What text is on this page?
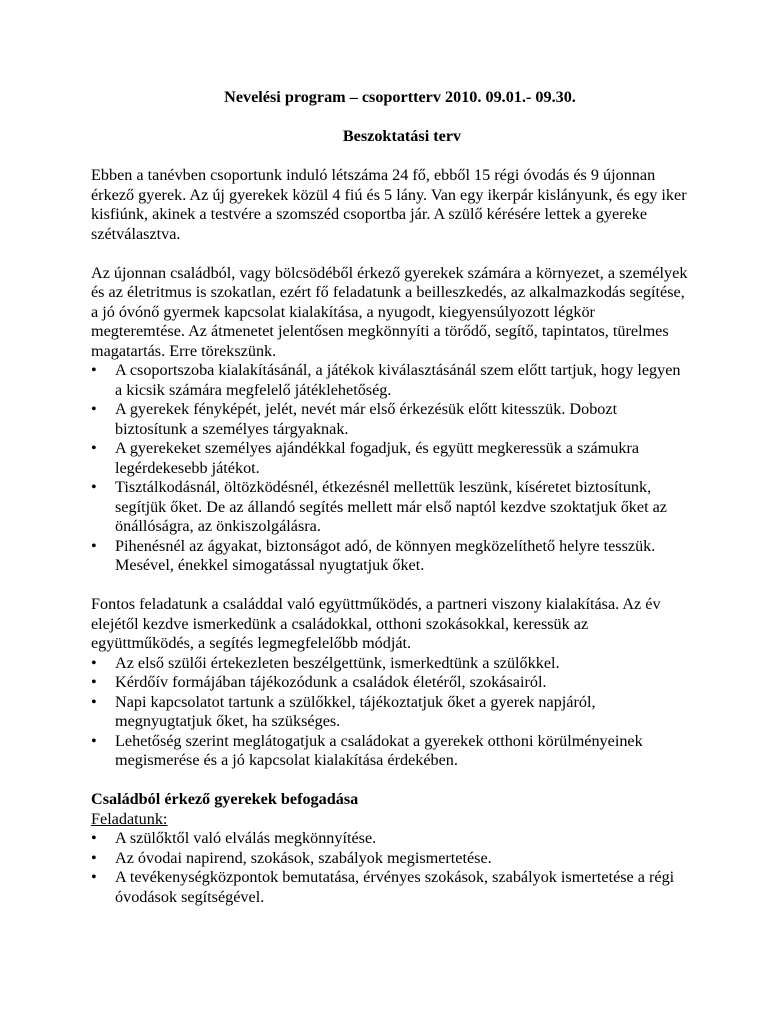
Nevelési program – csoportterv 2010. 09.01.- 09.30.

Beszoktatási terv

Ebben a tanévben csoportunk induló létszáma 24 fő, ebből 15 régi óvodás és 9 újonnan érkező gyerek. Az új gyerekek közül 4 fiú és 5 lány. Van egy ikerpár kislányunk, és egy iker kisfiúnk, akinek a testvére a szomszéd csoportba jár. A szülő kérésére lettek a gyereke szétválasztva.

Az újonnan családból, vagy bölcsödéből érkező gyerekek számára a környezet, a személyek és az életritmus is szokatlan, ezért fő feladatunk a beilleszkedés, az alkalmazkodás segítése, a jó óvónő gyermek kapcsolat kialakítása, a nyugodt, kiegyensúlyozott légkör megteremtése. Az átmenetet jelentősen megkönnyíti a törődő, segítő, tapintatos, türelmes magatartás. Erre törekszünk.

•	A csoportszoba kialakításánál, a játékok kiválasztásánál szem előtt tartjuk, hogy legyen a kicsik számára megfelelő játéklehetőség.
•	A gyerekek fényképét, jelét, nevét már első érkezésük előtt kitesszük. Dobozt biztosítunk a személyes tárgyaknak.
•	A gyerekeket személyes ajándékkal fogadjuk, és együtt megkeressük a számukra legérdekesebb játékot.
•	Tisztálkodásnál, öltözködésnél, étkezésnél mellettük leszünk, kíséretet biztosítunk, segítjük őket. De az állandó segítés mellett már első naptól kezdve szoktatjuk őket az önállóságra, az önkiszolgálásra.
•	Pihenésnél az ágyakat, biztonságot adó, de könnyen megközelíthető helyre tesszük. Mesével, énekkel simogatással nyugtatjuk őket.

Fontos feladatunk a családdal való együttműködés, a partneri viszony kialakítása. Az év elejétől kezdve ismerkedünk a családokkal, otthoni szokásokkal, keressük az együttműködés, a segítés legmegfelelőbb módját.

•	Az első szülői értekezleten beszélgettünk, ismerkedtünk a szülőkkel.
•	Kérdőív formájában tájékozódunk a családok életéről, szokásairól.
•	Napi kapcsolatot tartunk a szülőkkel, tájékoztatjuk őket a gyerek napjáról, megnyugtatjuk őket, ha szükséges.
•	Lehetőség szerint meglátogatjuk a családokat a gyerekek otthoni körülményeinek megismerése és a jó kapcsolat kialakítása érdekében.

Családból érkező gyerekek befogadása

Feladatunk:

•	A szülőktől való elválás megkönnyítése.
•	Az óvodai napirend, szokások, szabályok megismertetése.
•	A tevékenységközpontok bemutatása, érvényes szokások, szabályok ismertetése a régi óvodások segítségével.
